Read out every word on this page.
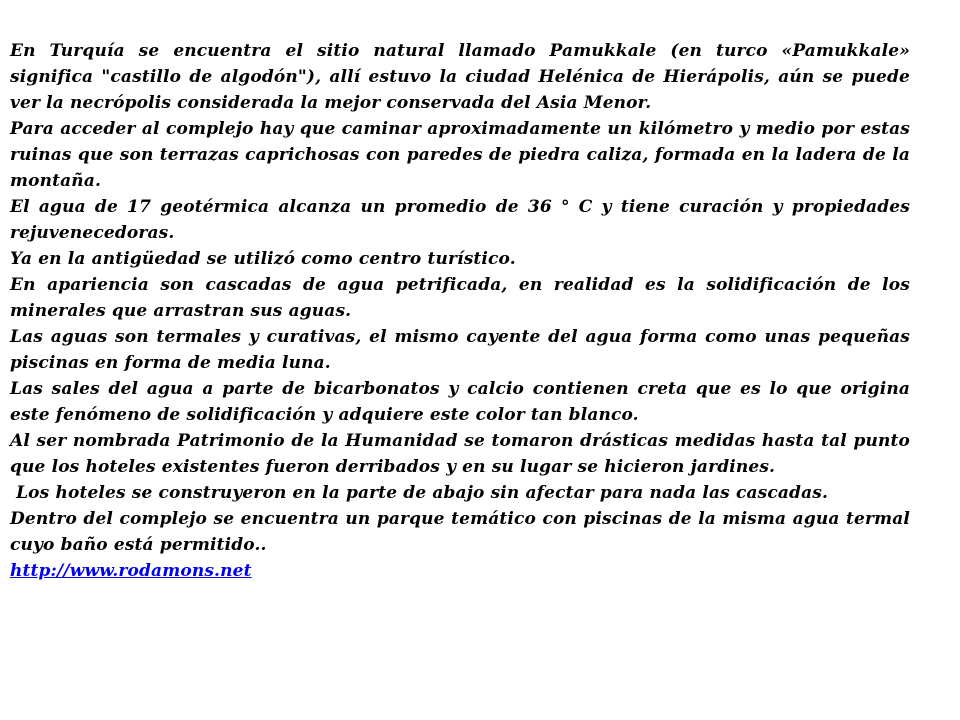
En Turquía se encuentra el sitio natural llamado Pamukkale (en turco «Pamukkale» significa "castillo de algodón"), allí estuvo la ciudad Helénica de Hierápolis, aún se puede ver la necrópolis considerada la mejor conservada del Asia Menor.

Para acceder al complejo hay que caminar aproximadamente un kilómetro y medio por estas ruinas que son terrazas caprichosas con paredes de piedra caliza, formada en la ladera de la montaña.

El agua de 17 geotérmica alcanza un promedio de 36 ° C y tiene curación y propiedades rejuvenecedoras.

Ya en la antigüedad se utilizó como centro turístico.

En apariencia son cascadas de agua petrificada, en realidad es la solidificación de los minerales que arrastran sus aguas.

Las aguas son termales y curativas, el mismo cayente del agua forma como unas pequeñas piscinas en forma de media luna.

Las sales del agua a parte de bicarbonatos y calcio contienen creta que es lo que origina este fenómeno de solidificación y adquiere este color tan blanco.

Al ser nombrada Patrimonio de la Humanidad se tomaron drásticas medidas hasta tal punto que los hoteles existentes fueron derribados y en su lugar se hicieron jardines.

Los hoteles se construyeron en la parte de abajo sin afectar para nada las cascadas.

Dentro del complejo se encuentra un parque temático con piscinas de la misma agua termal cuyo baño está permitido..

http://www.rodamons.net
